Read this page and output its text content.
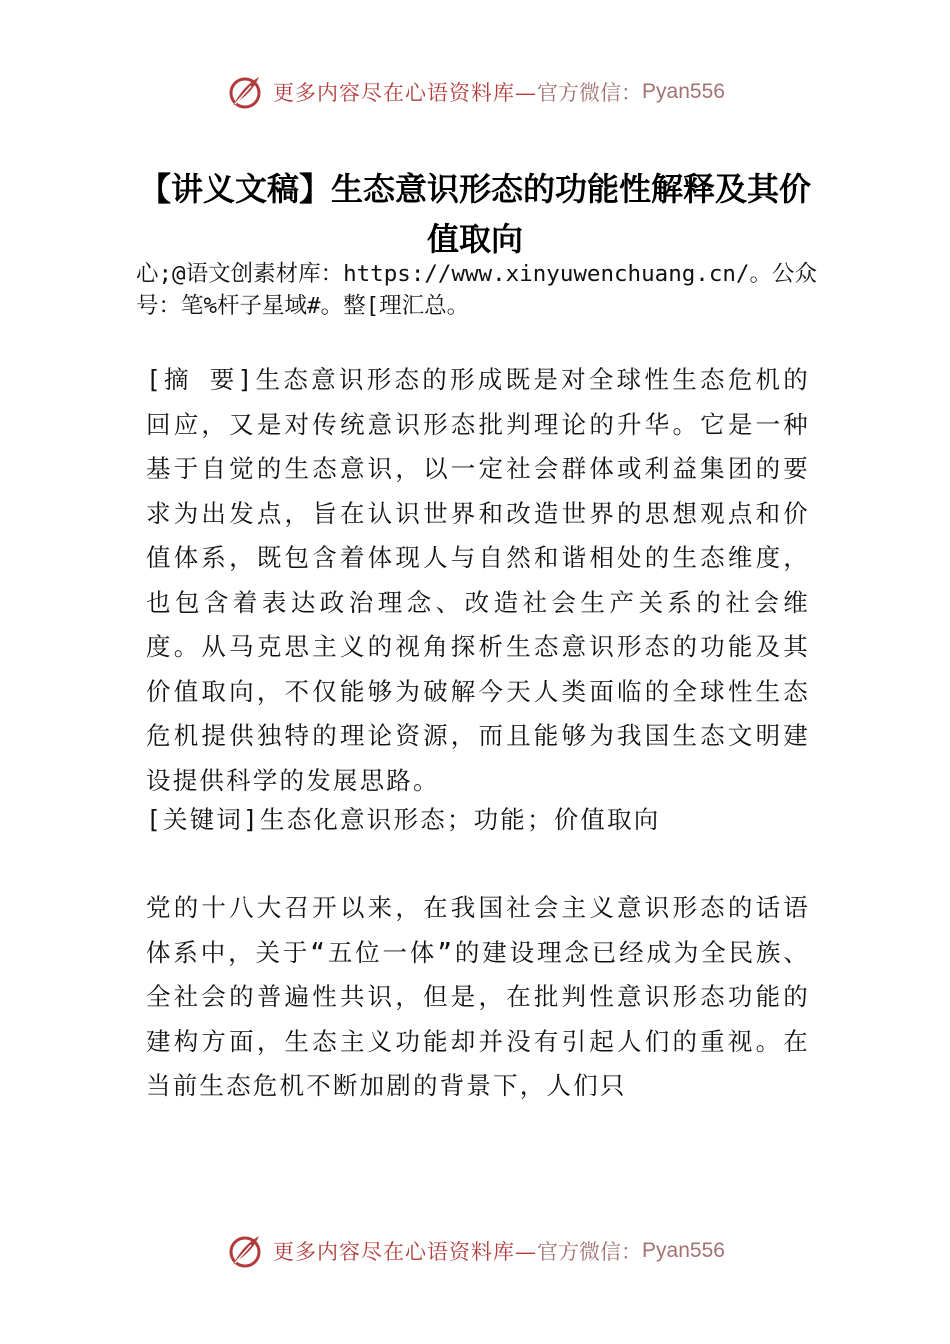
更多内容尽在心语资料库— 官方微信： Pyan556
【讲义文稿】生态意识形态的功能性解释及其价值取向

心;@语文创素材库：https://www.xinyuwenchuang.cn/。公众号：笔%杆子星域#。整[理汇总。

[摘 要]生态意识形态的形成既是对全球性生态危机的回应，又是对传统意识形态批判理论的升华。它是一种基于自觉的生态意识，以一定社会群体或利益集团的要求为出发点，旨在认识世界和改造世界的思想观点和价值体系，既包含着体现人与自然和谐相处的生态维度，也包含着表达政治理念、改造社会生产关系的社会维度。从马克思主义的视角探析生态意识形态的功能及其价值取向，不仅能够为破解今天人类面临的全球性生态危机提供独特的理论资源，而且能够为我国生态文明建设提供科学的发展思路。

[关键词]生态化意识形态；功能；价值取向

党的十八大召开以来，在我国社会主义意识形态的话语体系中，关于“五位一体”的建设理念已经成为全民族、全社会的普遍性共识，但是，在批判性意识形态功能的建构方面，生态主义功能却并没有引起人们的重视。在当前生态危机不断加剧的背景下，人们只

更多内容尽在心语资料库— 官方微信： Pyan556
